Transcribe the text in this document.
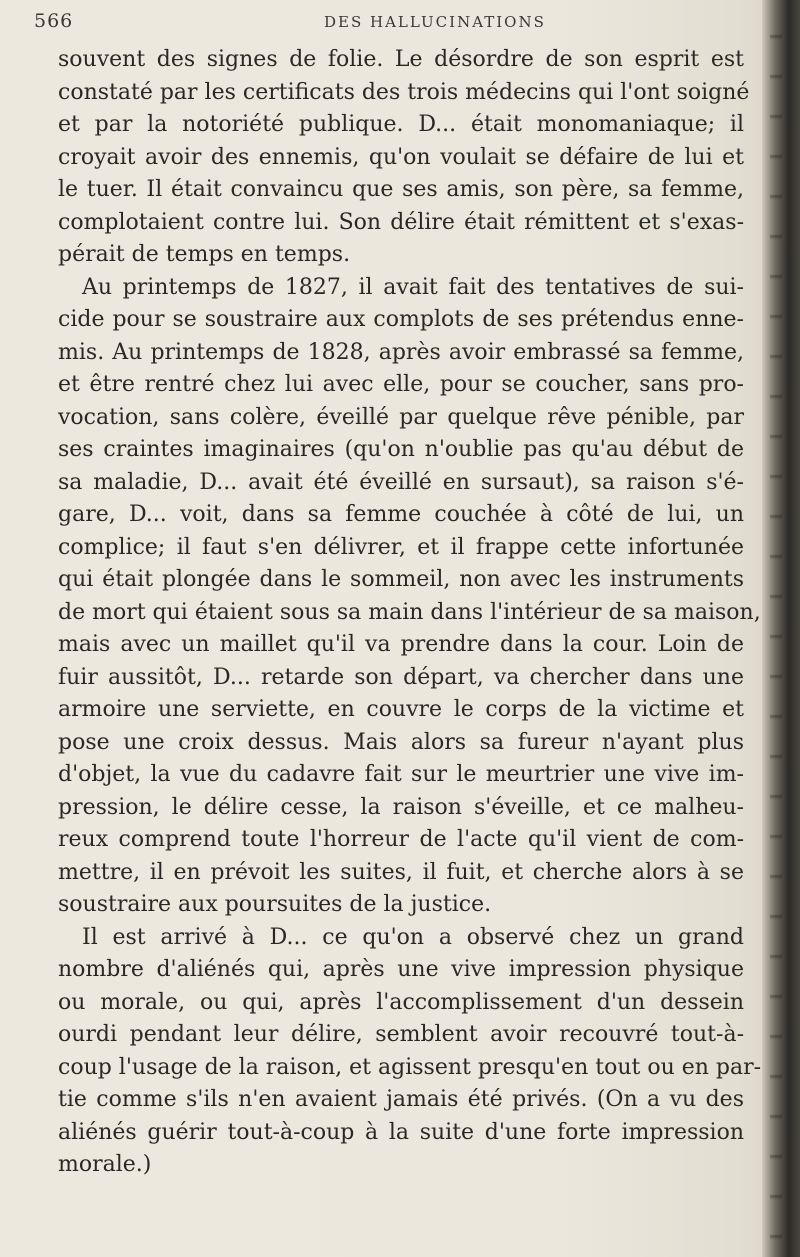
566	DES HALLUCINATIONS
souvent des signes de folie. Le désordre de son esprit est
constaté par les certificats des trois médecins qui l'ont soigné
et par la notoriété publique. D... était monomaniaque; il
croyait avoir des ennemis, qu'on voulait se défaire de lui et
le tuer. Il était convaincu que ses amis, son père, sa femme,
complotaient contre lui. Son délire était rémittent et s'exas-
pérait de temps en temps.
Au printemps de 1827, il avait fait des tentatives de sui-
cide pour se soustraire aux complots de ses prétendus enne-
mis. Au printemps de 1828, après avoir embrassé sa femme,
et être rentré chez lui avec elle, pour se coucher, sans pro-
vocation, sans colère, éveillé par quelque rêve pénible, par
ses craintes imaginaires (qu'on n'oublie pas qu'au début de
sa maladie, D... avait été éveillé en sursaut), sa raison s'é-
gare, D... voit, dans sa femme couchée à côté de lui, un
complice; il faut s'en délivrer, et il frappe cette infortunée
qui était plongée dans le sommeil, non avec les instruments
de mort qui étaient sous sa main dans l'intérieur de sa maison,
mais avec un maillet qu'il va prendre dans la cour. Loin de
fuir aussitôt, D... retarde son départ, va chercher dans une
armoire une serviette, en couvre le corps de la victime et
pose une croix dessus. Mais alors sa fureur n'ayant plus
d'objet, la vue du cadavre fait sur le meurtrier une vive im-
pression, le délire cesse, la raison s'éveille, et ce malheu-
reux comprend toute l'horreur de l'acte qu'il vient de com-
mettre, il en prévoit les suites, il fuit, et cherche alors à se
soustraire aux poursuites de la justice.
Il est arrivé à D... ce qu'on a observé chez un grand
nombre d'aliénés qui, après une vive impression physique
ou morale, ou qui, après l'accomplissement d'un dessein
ourdi pendant leur délire, semblent avoir recouvré tout-à-
coup l'usage de la raison, et agissent presqu'en tout ou en par-
tie comme s'ils n'en avaient jamais été privés. (On a vu des
aliénés guérir tout-à-coup à la suite d'une forte impression
morale.)
